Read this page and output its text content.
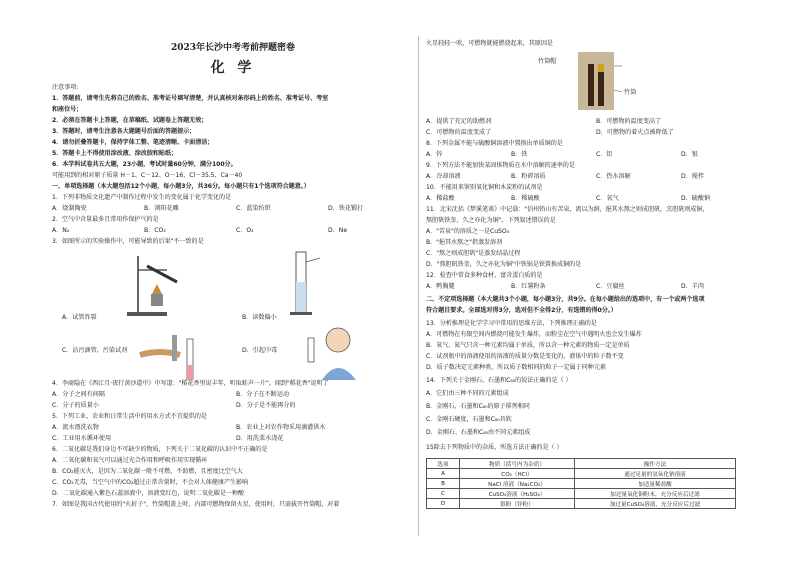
2023年长沙中考考前押题密卷
化 学
注意事项:
1．答题前，请考生先将自己的姓名、准考证号填写清楚，并认真核对条形码上的姓名、准考证号、考室
和座位号；
2．必须在答题卡上答题，在草稿纸、试题卷上答题无效；
3．答题时，请考生注意各大题题号后面的答题提示；
4．请勿折叠答题卡，保持字体工整、笔迹清晰、卡面清洁；
5．答题卡上不得使用涂改液、涂改胶和贴纸；
6．本学科试卷共五大题，23小题，考试时量60分钟，满分100分。
可能用到的相对原子质量 H－1、C－12、O－16、Cl－35.5、Ca－40
一、单项选择题（本大题包括12个小题，每小题3分，共36分。每小题只有1个选项符合题意。）
1．下列非物质文化遗产中制作过程中发生的变化属于化学变化的是
A．烧制陶瓷	B．浏阳花雕	C．蓝染纺织	D．铁花锻打
2．空气中含量最多且常用作保护气的是
A．N₂	B．CO₂	C．O₂	D．Ne
3．如图所示的实验操作中，可能导致的后果"不一致的是
A．试管炸裂	B．读数偏小
C．沾污滴管，污染试剂	D．引起中毒
4．李商隐在《西江月·夜行黄沙道中》中写道："稻花香里说丰年，听取蛙声一片"。闻到"稻花香"说明了
A．分子之间有间隔	B．分子在不断运动
C．分子的质量小	D．分子是不能再分的
5．下列工业、农业和日常生活中的用水方式不宜提倡的是
A．流水漂洗衣物	B．农业上对农作物采用滴灌供水
C．工业用水循环使用	D．用洗菜水浇花
6．二氧化碳是我们身边不可缺少的物质，下列关于二氧化碳的认识中不正确的是
A．二氧化碳和氧气可以通过光合作用和呼吸作用实现循环
B．CO₂能灭火，是因为二氧化碳一般不可燃，不助燃，且密度比空气大
C．CO₂无毒，当空气中的CO₂超过正常含量时，不会对人体健康产生影响
D．二氧化碳通入紫色石蕊溶液中，溶液变红色，说明二氧化碳是一种酸
7．如图是我国古代使用的"火折子"，竹筒帽盖上时，内部可燃物保留火星，使用时，只需拔开竹筒帽，对着
火星轻轻一吹，可燃物就能燃烧起来，其原因是
竹筒帽
竹筒
A．提供了充足的助燃剂	B．可燃物的温度变高了
C．可燃物的温度变成了	D．可燃物的着火点被降低了
8．下列金属不能与硫酸铜溶液中置换出单质铜的是
A．锌	B．铁	C．铝	D．银
9．下列方法不能加快某固体物质在水中溶解的速率的是
A．冷却溶液	B．粉碎溶质	C．热水溶解	D．搅拌
10．不能用来鉴别氧化铜和木炭粉的试剂是
A．稀盐酸	B．稀硫酸	C．氧气	D．硫酸钠
11．北宋沈括《梦溪笔谈》中记载："信州铅山有苦泉，流以为涧，挹其水熬之则成胆矾，烹胆矾则成铜，
熬胆矾铁釜，久之亦化为铜"。下列叙述错误的是
A．"苦泉"的溶质之一是CuSO₄
B．"挹其水熬之"指蒸发溶剂
C．"熬之则成胆矾"是蒸发结晶过程
D．"熬胆矾铁釜，久之亦化为铜"中铁锅是铁置换成铜的是
12．检查中常食多种食材，富含蛋白质的是
A．鸭胸腿	B．红薯粉条	C．豆腐丝	D．羊肉
二、不定项选择题（本大题共3个小题，每小题3分，共9分。在每小题给出的选项中，有一个或两个选项
符合题目要求。全部选对得3分，选对但不全得2分，有选错的得0分。）
13．分析推理是化学学习中常用的思维方法，下列推理正确的是
A．可燃物在有限空间内燃烧可能发生爆炸，而粉尘在空气中遇明火也会发生爆炸
B．氧气、氮气只含一种元素均属于单质，所以含一种元素的物质一定是单质
C．试剂瓶中的溶液使用的溶液的质量分数是变化的，液体中的粒子数不变
D．质子数决定元素种类，所以质子数相同的粒子一定属于同种元素
14．下列关于金刚石、石墨和C₆₀的说法正确的是（ ）
A．它们由三种不同的元素组成
B．金刚石、石墨和C₆₀的原子排列相同
C．金刚石硬度，石墨和C₆₀具软
D．金刚石、石墨和C₆₀由不同元素组成
15除去下列物质中的杂质，所选方法正确的是（ ）
选项	物质（括号内为杂质）	操作方法
A	CO₂（HCl）	通过足量的氢氧化钠溶液
B	NaCl 溶液（Na₂CO₃）	加适量稀盐酸
C	CuSO₄溶液（H₂SO₄）	加过量氧化铜粉末，充分反应后过滤
D	银粉（锌粉）	加过量CuSO₄溶液，充分反应后过滤
